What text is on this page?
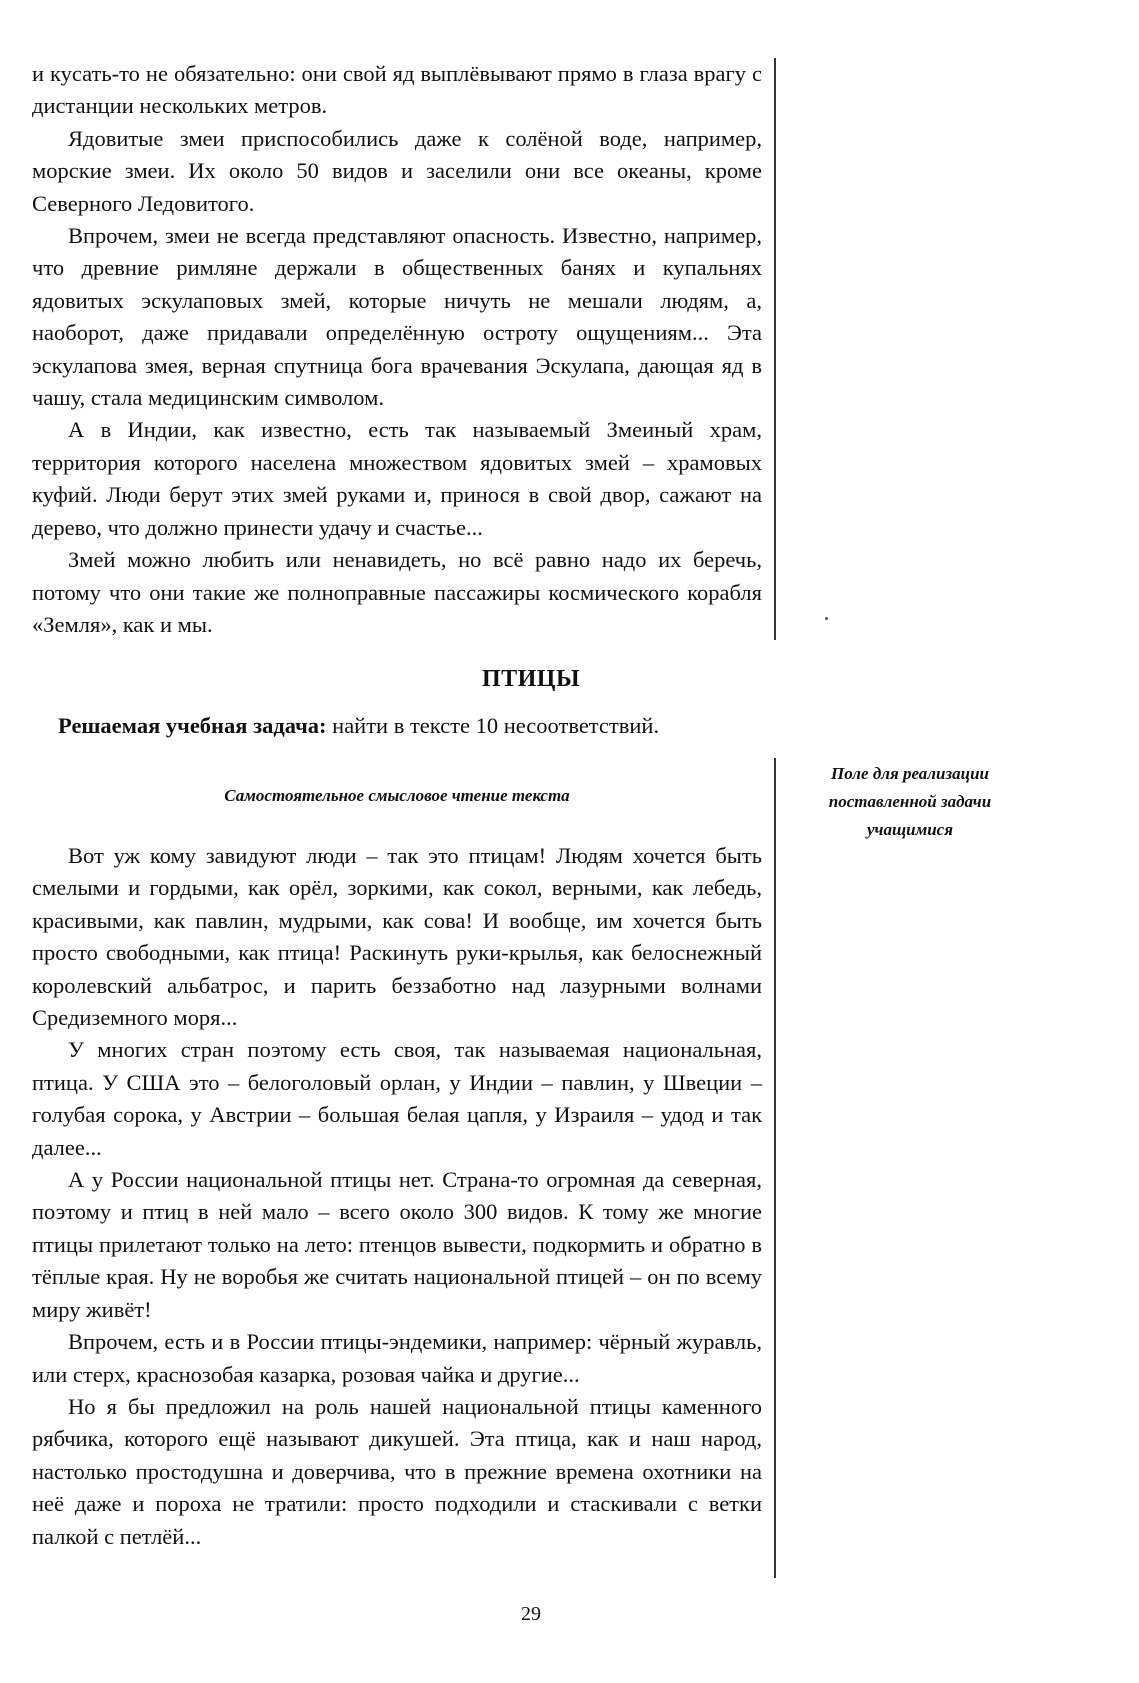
и кусать-то не обязательно: они свой яд выплёвывают прямо в глаза врагу с дистанции нескольких метров.

Ядовитые змеи приспособились даже к солёной воде, например, морские змеи. Их около 50 видов и заселили они все океаны, кроме Северного Ледовитого.

Впрочем, змеи не всегда представляют опасность. Известно, например, что древние римляне держали в общественных банях и купальнях ядовитых эскулаповых змей, которые ничуть не мешали людям, а, наоборот, даже придавали определённую остроту ощущениям... Эта эскулапова змея, верная спутница бога врачевания Эскулапа, дающая яд в чашу, стала медицинским символом.

А в Индии, как известно, есть так называемый Змеиный храм, территория которого населена множеством ядовитых змей – храмовых куфий. Люди берут этих змей руками и, принося в свой двор, сажают на дерево, что должно принести удачу и счастье...

Змей можно любить или ненавидеть, но всё равно надо их беречь, потому что они такие же полноправные пассажиры космического корабля «Земля», как и мы.

ПТИЦЫ
Решаемая учебная задача: найти в тексте 10 несоответствий.
Поле для реализации поставленной задачи учащимися
Самостоятельное смысловое чтение текста

Вот уж кому завидуют люди – так это птицам! Людям хочется быть смелыми и гордыми, как орёл, зоркими, как сокол, верными, как лебедь, красивыми, как павлин, мудрыми, как сова! И вообще, им хочется быть просто свободными, как птица! Раскинуть руки-крылья, как белоснежный королевский альбатрос, и парить беззаботно над лазурными волнами Средиземного моря...

У многих стран поэтому есть своя, так называемая национальная, птица. У США это – белоголовый орлан, у Индии – павлин, у Швеции – голубая сорока, у Австрии – большая белая цапля, у Израиля – удод и так далее...

А у России национальной птицы нет. Страна-то огромная да северная, поэтому и птиц в ней мало – всего около 300 видов. К тому же многие птицы прилетают только на лето: птенцов вывести, подкормить и обратно в тёплые края. Ну не воробья же считать национальной птицей – он по всему миру живёт!

Впрочем, есть и в России птицы-эндемики, например: чёрный журавль, или стерх, краснозобая казарка, розовая чайка и другие...

Но я бы предложил на роль нашей национальной птицы каменного рябчика, которого ещё называют дикушей. Эта птица, как и наш народ, настолько простодушна и доверчива, что в прежние времена охотники на неё даже и пороха не тратили: просто подходили и стаскивали с ветки палкой с петлёй...

29
